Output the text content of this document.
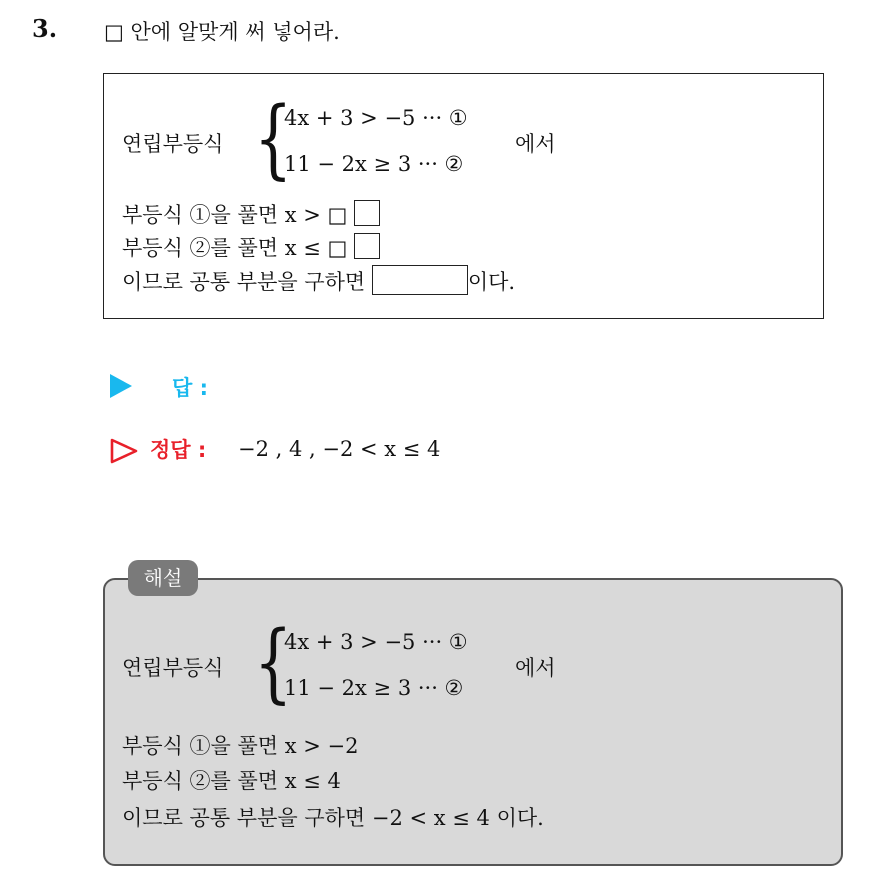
3. □ 안에 알맞게 써 넣어라.
연립부등식 {
4x + 3 > −5 ··· ①
11 − 2x ≥ 3 ··· ②
에서
부등식 ①을 풀면 x > □
부등식 ②를 풀면 x ≤ □
이므로 공통 부분을 구하면	이다.
답 :
정답 : −2 , 4 , −2 < x ≤ 4
해설
연립부등식 {
4x + 3 > −5 ··· ①
11 − 2x ≥ 3 ··· ②
에서
부등식 ①을 풀면 x > −2
부등식 ②를 풀면 x ≤ 4
이므로 공통 부분을 구하면 −2 < x ≤ 4 이다.
